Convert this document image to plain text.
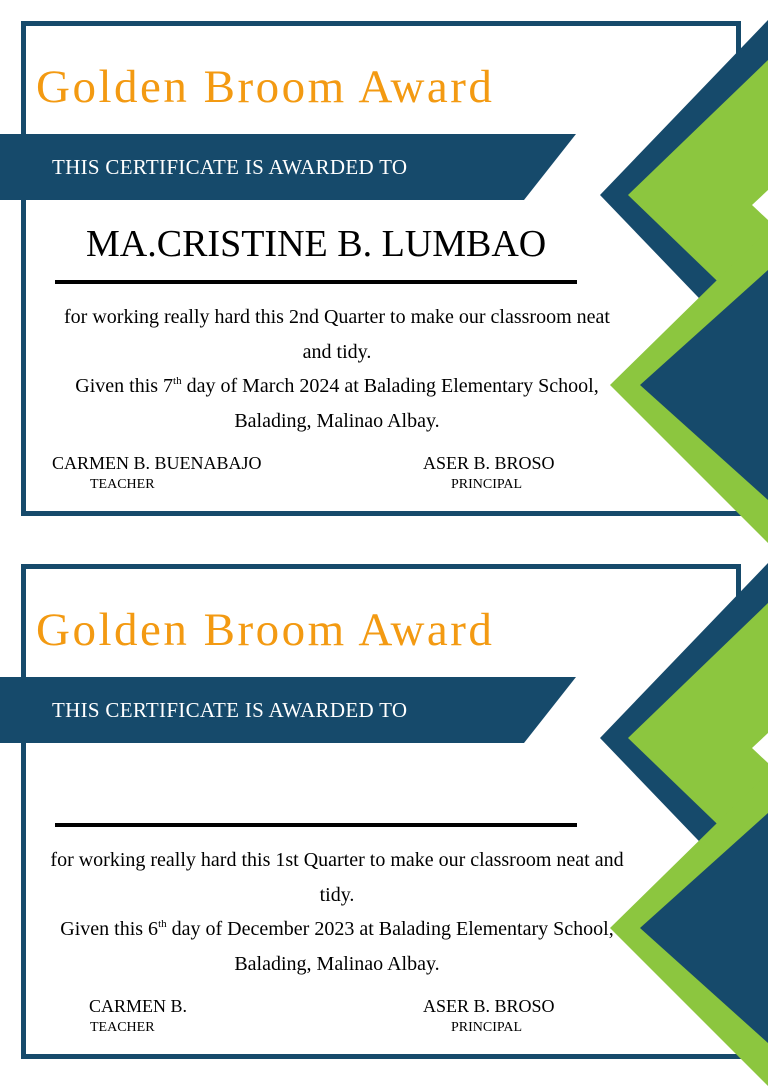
Golden Broom Award
THIS CERTIFICATE IS AWARDED TO
MA.CRISTINE B. LUMBAO

for working really hard this 2nd Quarter to make our classroom neat and tidy.

Given this 7th day of March 2024 at Balading Elementary School,

Balading, Malinao Albay.

CARMEN B. BUENABAJO
TEACHER
ASER B. BROSO
PRINCIPAL
Golden Broom Award
THIS CERTIFICATE IS AWARDED TO

for working really hard this 1st Quarter to make our classroom neat and tidy.

Given this 6th day of December 2023 at Balading Elementary School,

Balading, Malinao Albay.

CARMEN B.
TEACHER
ASER B. BROSO
PRINCIPAL
